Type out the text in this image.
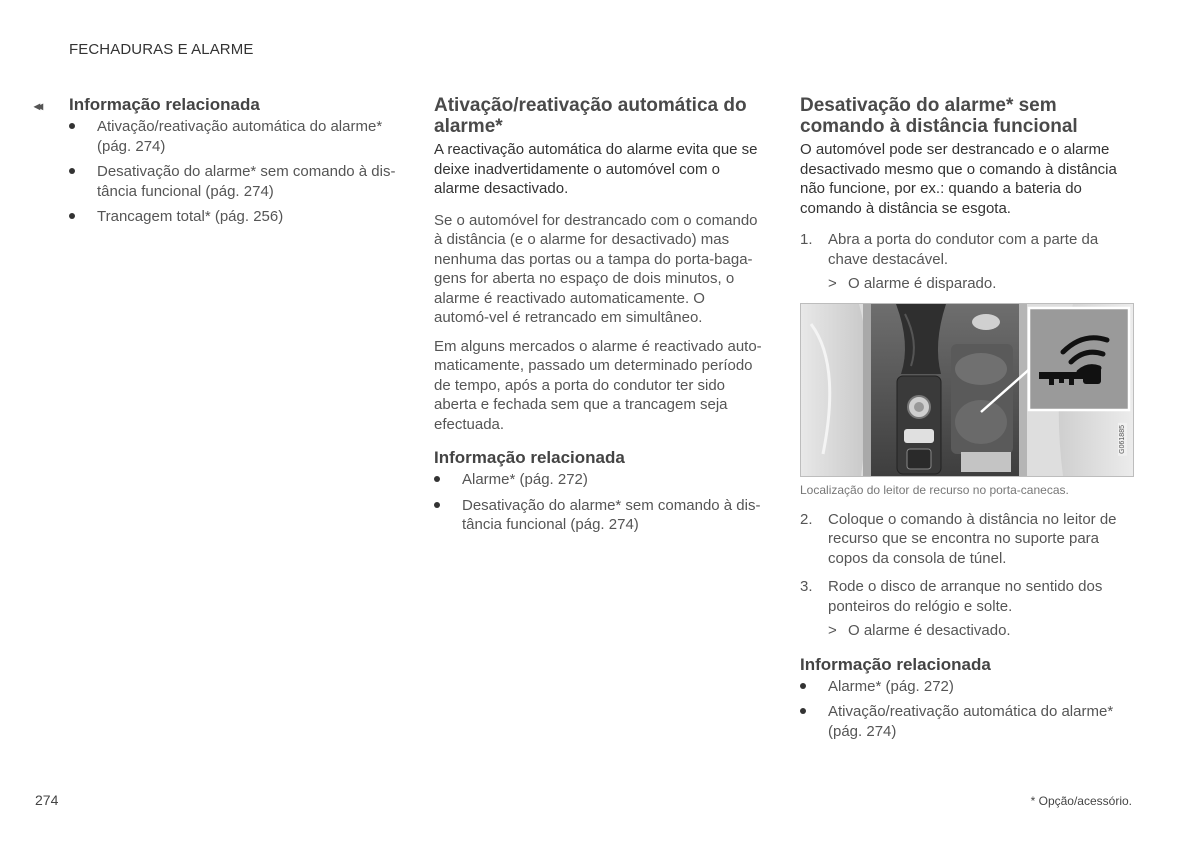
FECHADURAS E ALARME
◂◂ Informação relacionada
Ativação/reativação automática do alarme* (pág. 274)
Desativação do alarme* sem comando à dis-tância funcional (pág. 274)
Trancagem total* (pág. 256)
Ativação/reativação automática do alarme*

A reactivação automática do alarme evita que se deixe inadvertidamente o automóvel com o alarme desactivado.

Se o automóvel for destrancado com o comando à distância (e o alarme for desactivado) mas nenhuma das portas ou a tampa do porta-baga-gens for aberta no espaço de dois minutos, o alarme é reactivado automaticamente. O automó-vel é retrancado em simultâneo.

Em alguns mercados o alarme é reactivado auto-maticamente, passado um determinado período de tempo, após a porta do condutor ter sido aberta e fechada sem que a trancagem seja efectuada.

Informação relacionada
Alarme* (pág. 272)
Desativação do alarme* sem comando à dis-tância funcional (pág. 274)
Desativação do alarme* sem comando à distância funcional

O automóvel pode ser destrancado e o alarme desactivado mesmo que o comando à distância não funcione, por ex.: quando a bateria do comando à distância se esgota.

1. Abra a porta do condutor com a parte da chave destacável.
> O alarme é disparado.
G061885

Localização do leitor de recurso no porta-canecas.

2. Coloque o comando à distância no leitor de recurso que se encontra no suporte para copos da consola de túnel.
3. Rode o disco de arranque no sentido dos ponteiros do relógio e solte.
> O alarme é desactivado.
Informação relacionada
Alarme* (pág. 272)
Ativação/reativação automática do alarme* (pág. 274)
274	* Opção/acessório.
